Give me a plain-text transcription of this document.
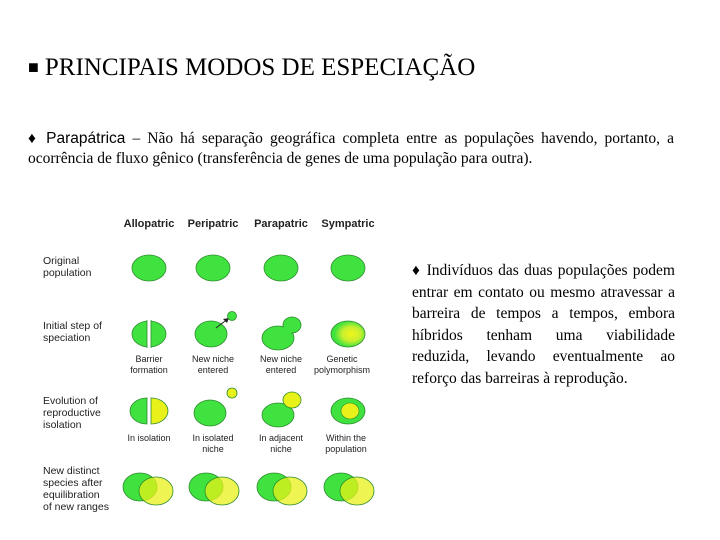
■ PRINCIPAIS MODOS DE ESPECIAÇÃO
♦ Parapátrica – Não há separação geográfica completa entre as populações havendo, portanto, a ocorrência de fluxo gênico (transferência de genes de uma população para outra).
♦ Indivíduos das duas populações podem entrar em contato ou mesmo atravessar a barreira de tempos a tempos, embora híbridos tenham uma viabilidade reduzida, levando eventualmente ao reforço das barreiras à reprodução.
Allopatric Peripatric Parapatric Sympatric
Original
population
Initial step of
speciation
Evolution of
reproductive
isolation
New distinct
species after
equilibration
of new ranges
Barrier
formation
New niche
entered
New niche
entered
Genetic
polymorphism
In isolation In isolated
niche
In adjacent
niche
Within the
population
